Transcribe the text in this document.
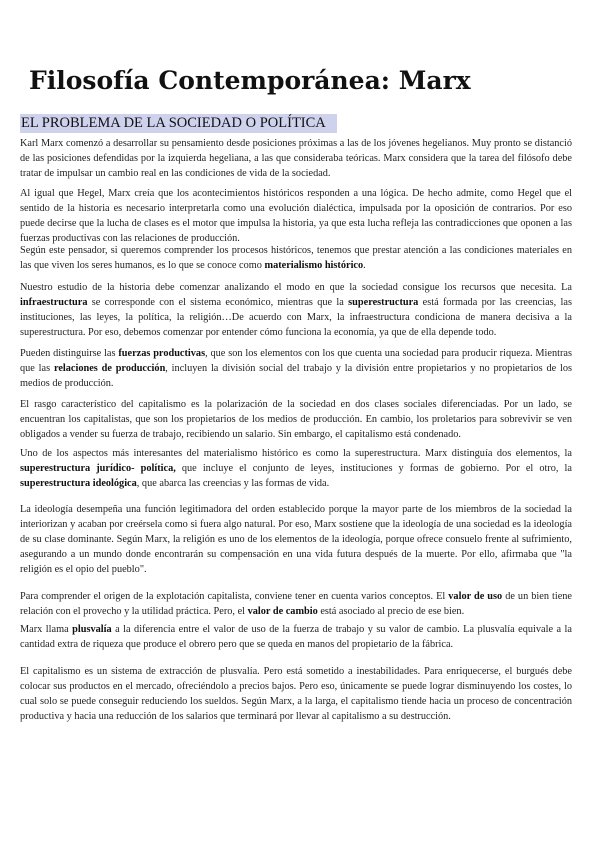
Filosofía Contemporánea: Marx
EL PROBLEMA DE LA SOCIEDAD O POLÍTICA

Karl Marx comenzó a desarrollar su pensamiento desde posiciones próximas a las de los jóvenes hegelianos. Muy pronto se distanció de las posiciones defendidas por la izquierda hegeliana, a las que consideraba teóricas. Marx considera que la tarea del filósofo debe tratar de impulsar un cambio real en las condiciones de vida de la sociedad.

Al igual que Hegel, Marx creía que los acontecimientos históricos responden a una lógica. De hecho admite, como Hegel que el sentido de la historia es necesario interpretarla como una evolución dialéctica, impulsada por la oposición de contrarios. Por eso puede decirse que la lucha de clases es el motor que impulsa la historia, ya que esta lucha refleja las contradicciones que oponen a las fuerzas productivas con las relaciones de producción.

Según este pensador, si queremos comprender los procesos históricos, tenemos que prestar atención a las condiciones materiales en las que viven los seres humanos, es lo que se conoce como materialismo histórico.

Nuestro estudio de la historia debe comenzar analizando el modo en que la sociedad consigue los recursos que necesita. La infraestructura se corresponde con el sistema económico, mientras que la superestructura está formada por las creencias, las instituciones, las leyes, la política, la religión…De acuerdo con Marx, la infraestructura condiciona de manera decisiva a la superestructura. Por eso, debemos comenzar por entender cómo funciona la economía, ya que de ella depende todo.

Pueden distinguirse las fuerzas productivas, que son los elementos con los que cuenta una sociedad para producir riqueza. Mientras que las relaciones de producción, incluyen la división social del trabajo y la división entre propietarios y no propietarios de los medios de producción.

El rasgo característico del capitalismo es la polarización de la sociedad en dos clases sociales diferenciadas. Por un lado, se encuentran los capitalistas, que son los propietarios de los medios de producción. En cambio, los proletarios para sobrevivir se ven obligados a vender su fuerza de trabajo, recibiendo un salario. Sin embargo, el capitalismo está condenado.

Uno de los aspectos más interesantes del materialismo histórico es como la superestructura. Marx distinguía dos elementos, la superestructura jurídico- política, que incluye el conjunto de leyes, instituciones y formas de gobierno. Por el otro, la superestructura ideológica, que abarca las creencias y las formas de vida.

La ideología desempeña una función legitimadora del orden establecido porque la mayor parte de los miembros de la sociedad la interiorizan y acaban por creérsela como si fuera algo natural. Por eso, Marx sostiene que la ideología de una sociedad es la ideología de su clase dominante. Según Marx, la religión es uno de los elementos de la ideología, porque ofrece consuelo frente al sufrimiento, asegurando a un mundo donde encontrarán su compensación en una vida futura después de la muerte. Por ello, afirmaba que "la religión es el opio del pueblo".

Para comprender el origen de la explotación capitalista, conviene tener en cuenta varios conceptos. El valor de uso de un bien tiene relación con el provecho y la utilidad práctica. Pero, el valor de cambio está asociado al precio de ese bien.

Marx llama plusvalía a la diferencia entre el valor de uso de la fuerza de trabajo y su valor de cambio. La plusvalía equivale a la cantidad extra de riqueza que produce el obrero pero que se queda en manos del propietario de la fábrica.

El capitalismo es un sistema de extracción de plusvalía. Pero está sometido a inestabilidades. Para enriquecerse, el burgués debe colocar sus productos en el mercado, ofreciéndolo a precios bajos. Pero eso, únicamente se puede lograr disminuyendo los costes, lo cual solo se puede conseguir reduciendo los sueldos. Según Marx, a la larga, el capitalismo tiende hacia un proceso de concentración productiva y hacia una reducción de los salarios que terminará por llevar al capitalismo a su destrucción.
